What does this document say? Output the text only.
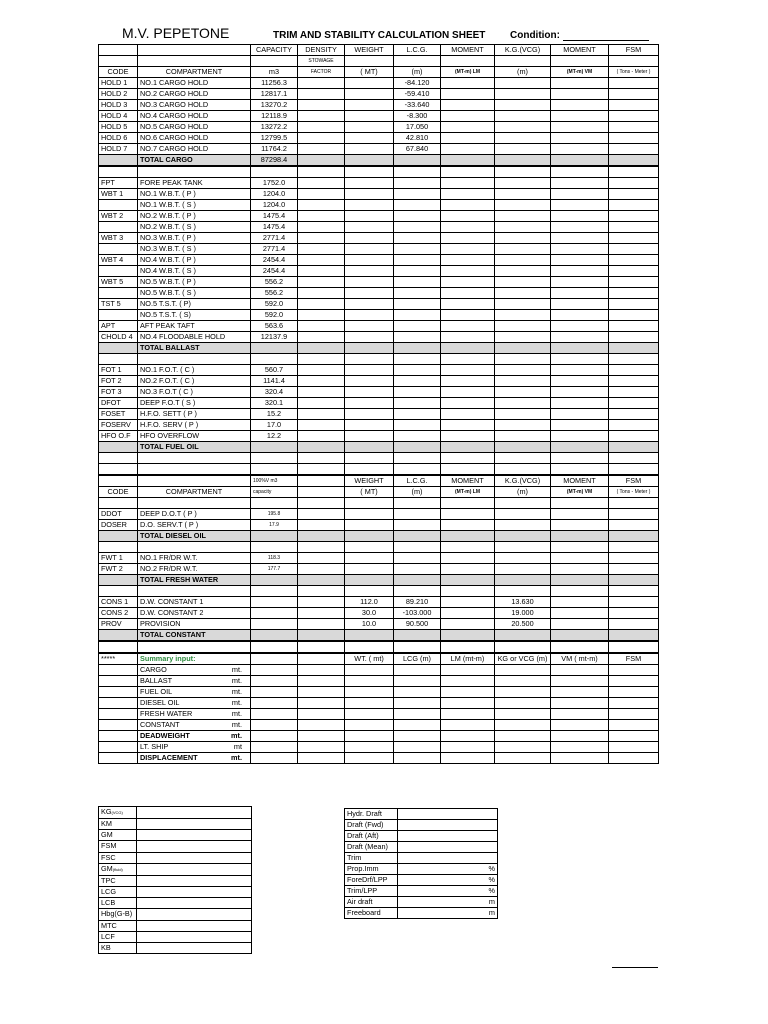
M.V. PEPETONE	TRIM AND STABILITY CALCULATION SHEET Condition:
		CAPACITY	DENSITY	WEIGHT	L.C.G.	MOMENT	K.G.(VCG)	MOMENT	FSM
			STOWAGE						
CODE	COMPARTMENT	m3	FACTOR	( MT)	(m)	(MT-m) LM	(m)	(MT-m) VM	( Tons - Meter )
HOLD 1	NO.1 CARGO HOLD	11256.3			-84.120				
HOLD 2	NO.2 CARGO HOLD	12817.1			-59.410				
HOLD 3	NO.3 CARGO HOLD	13270.2			-33.640				
HOLD 4	NO.4 CARGO HOLD	12118.9			-8.300				
HOLD 5	NO.5 CARGO HOLD	13272.2			17.050				
HOLD 6	NO.6 CARGO HOLD	12799.5			42.810				
HOLD 7	NO.7 CARGO HOLD	11764.2			67.840				
	TOTAL CARGO	87298.4							

FPT	FORE PEAK TANK	1752.0							
WBT 1	NO.1 W.B.T. ( P )	1204.0							
	NO.1 W.B.T. ( S )	1204.0							
WBT 2	NO.2 W.B.T. ( P )	1475.4							
	NO.2 W.B.T. ( S )	1475.4							
WBT 3	NO.3 W.B.T. ( P )	2771.4							
	NO.3 W.B.T. ( S )	2771.4							
WBT 4	NO.4 W.B.T. ( P )	2454.4							
	NO.4 W.B.T. ( S )	2454.4							
WBT 5	NO.5 W.B.T. ( P )	556.2							
	NO.5 W.B.T. ( S )	556.2							
TST 5	NO.5 T.S.T. ( P)	592.0							
	NO.5 T.S.T. ( S)	592.0							
APT	AFT PEAK TAFT	563.6							
CHOLD 4	NO.4 FLOODABLE HOLD	12137.9							
	TOTAL BALLAST								

FOT 1	NO.1 F.O.T. ( C )	560.7							
FOT 2	NO.2 F.O.T. ( C )	1141.4							
FOT 3	NO.3 F.O.T ( C )	320.4							
DFOT	DEEP F.O.T ( S )	320.1							
FOSET	H.F.O. SETT ( P )	15.2							
FOSERV	H.F.O. SERV ( P )	17.0							
HFO O.F	HFO OVERFLOW	12.2							
	TOTAL FUEL OIL								

		100%V m3		WEIGHT	L.C.G.	MOMENT	K.G.(VCG)	MOMENT	FSM
CODE	COMPARTMENT	capacity		( MT)	(m)	(MT-m) LM	(m)	(MT-m) VM	( Tons - Meter )

DDOT	DEEP D.O.T ( P )	195.8							
DOSER	D.O. SERV.T ( P )	17.9							
	TOTAL DIESEL OIL								

FWT 1	NO.1 FR/DR W.T.	118.3							
FWT 2	NO.2 FR/DR W.T.	177.7							
	TOTAL FRESH WATER								

CONS 1	D.W. CONSTANT 1			112.0	89.210		13.630		
CONS 2	D.W. CONSTANT 2			30.0	-103.000		19.000		
PROV	PROVISION			10.0	90.500		20.500		
	TOTAL CONSTANT								

*****	Summary input:			WT. ( mt)	LCG (m)	LM (mt-m)	KG or VCG (m)	VM ( mt-m)	FSM
	CARGO mt.								

	BALLAST mt.								

	FUEL OIL mt.								

	DIESEL OIL mt.								

	FRESH WATER mt.								

	CONSTANT mt.								

	DEADWEIGHT mt.								

	LT. SHIP mt								

	DISPLACEMENT mt.								

KG(VCG)	
KM	
GM	
FSM	
FSC	
GM(fluid)	
TPC	
LCG	
LCB	
Hbg(G-B)	
MTC	
LCF	
KB	
Hydr. Draft	
Draft (Fwd)	
Draft (Aft)	
Draft (Mean)	
Trim	
Prop.Imm	%
ForeDrf/LPP	%
Trim/LPP	%
Air draft	m
Freeboard	m
